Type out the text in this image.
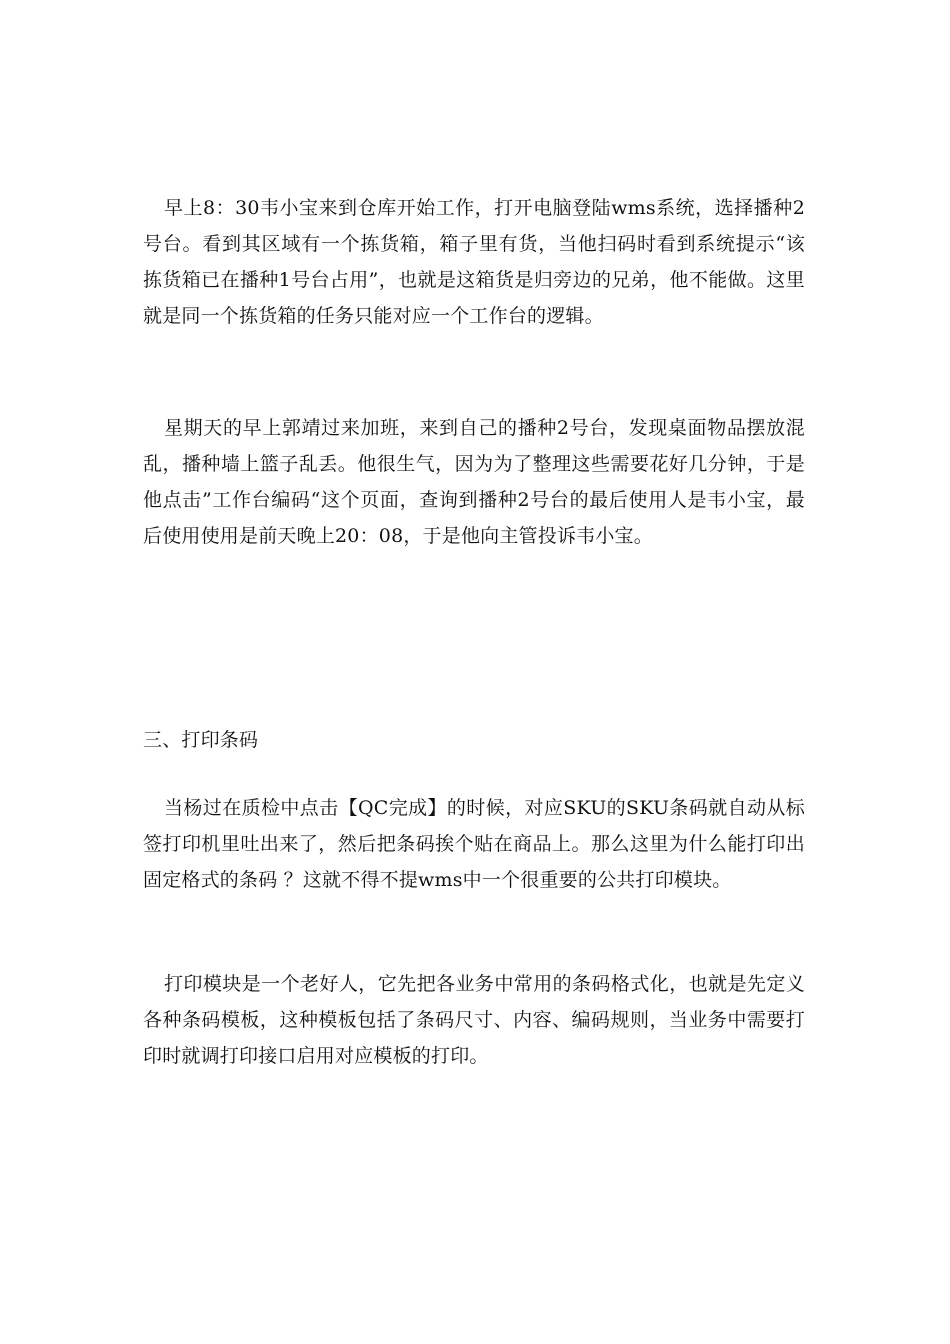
早上8：30韦小宝来到仓库开始工作，打开电脑登陆wms系统，选择播种2号台。看到其区域有一个拣货箱，箱子里有货，当他扫码时看到系统提示“该拣货箱已在播种1号台占用”，也就是这箱货是归旁边的兄弟，他不能做。这里就是同一个拣货箱的任务只能对应一个工作台的逻辑。

星期天的早上郭靖过来加班，来到自己的播种2号台，发现桌面物品摆放混乱，播种墙上篮子乱丢。他很生气，因为为了整理这些需要花好几分钟，于是他点击”工作台编码“这个页面，查询到播种2号台的最后使用人是韦小宝，最后使用使用是前天晚上20：08，于是他向主管投诉韦小宝。

三、打印条码

当杨过在质检中点击【QC完成】的时候，对应SKU的SKU条码就自动从标签打印机里吐出来了，然后把条码挨个贴在商品上。那么这里为什么能打印出固定格式的条码 ？这就不得不提wms中一个很重要的公共打印模块。

打印模块是一个老好人，它先把各业务中常用的条码格式化，也就是先定义各种条码模板，这种模板包括了条码尺寸、内容、编码规则，当业务中需要打印时就调打印接口启用对应模板的打印。
